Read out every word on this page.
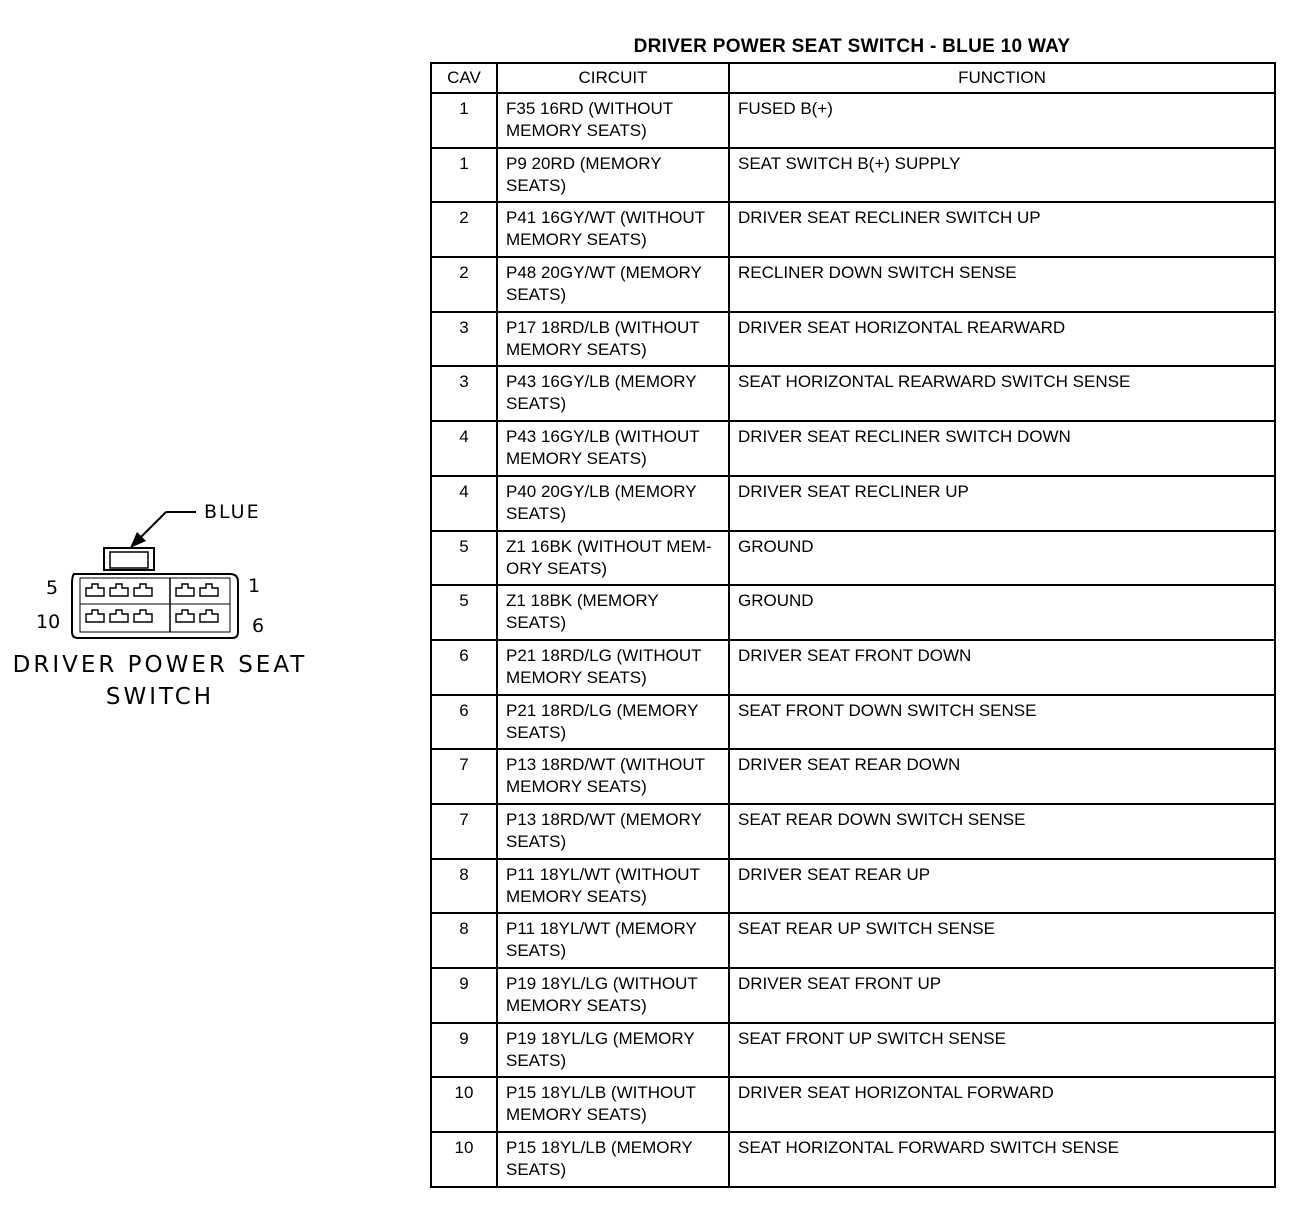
BLUE
5	1
10	6
DRIVER POWER SEAT
SWITCH
DRIVER POWER SEAT SWITCH - BLUE 10 WAY
CAV	CIRCUIT	FUNCTION
1	F35 16RD (WITHOUT MEMORY SEATS)	FUSED B(+)
1	P9 20RD (MEMORY SEATS)	SEAT SWITCH B(+) SUPPLY
2	P41 16GY/WT (WITHOUT MEMORY SEATS)	DRIVER SEAT RECLINER SWITCH UP
2	P48 20GY/WT (MEMORY SEATS)	RECLINER DOWN SWITCH SENSE
3	P17 18RD/LB (WITHOUT MEMORY SEATS)	DRIVER SEAT HORIZONTAL REARWARD
3	P43 16GY/LB (MEMORY SEATS)	SEAT HORIZONTAL REARWARD SWITCH SENSE
4	P43 16GY/LB (WITHOUT MEMORY SEATS)	DRIVER SEAT RECLINER SWITCH DOWN
4	P40 20GY/LB (MEMORY SEATS)	DRIVER SEAT RECLINER UP
5	Z1 16BK (WITHOUT MEM-ORY SEATS)	GROUND
5	Z1 18BK (MEMORY SEATS)	GROUND
6	P21 18RD/LG (WITHOUT MEMORY SEATS)	DRIVER SEAT FRONT DOWN
6	P21 18RD/LG (MEMORY SEATS)	SEAT FRONT DOWN SWITCH SENSE
7	P13 18RD/WT (WITHOUT MEMORY SEATS)	DRIVER SEAT REAR DOWN
7	P13 18RD/WT (MEMORY SEATS)	SEAT REAR DOWN SWITCH SENSE
8	P11 18YL/WT (WITHOUT MEMORY SEATS)	DRIVER SEAT REAR UP
8	P11 18YL/WT (MEMORY SEATS)	SEAT REAR UP SWITCH SENSE
9	P19 18YL/LG (WITHOUT MEMORY SEATS)	DRIVER SEAT FRONT UP
9	P19 18YL/LG (MEMORY SEATS)	SEAT FRONT UP SWITCH SENSE
10	P15 18YL/LB (WITHOUT MEMORY SEATS)	DRIVER SEAT HORIZONTAL FORWARD
10	P15 18YL/LB (MEMORY SEATS)	SEAT HORIZONTAL FORWARD SWITCH SENSE
